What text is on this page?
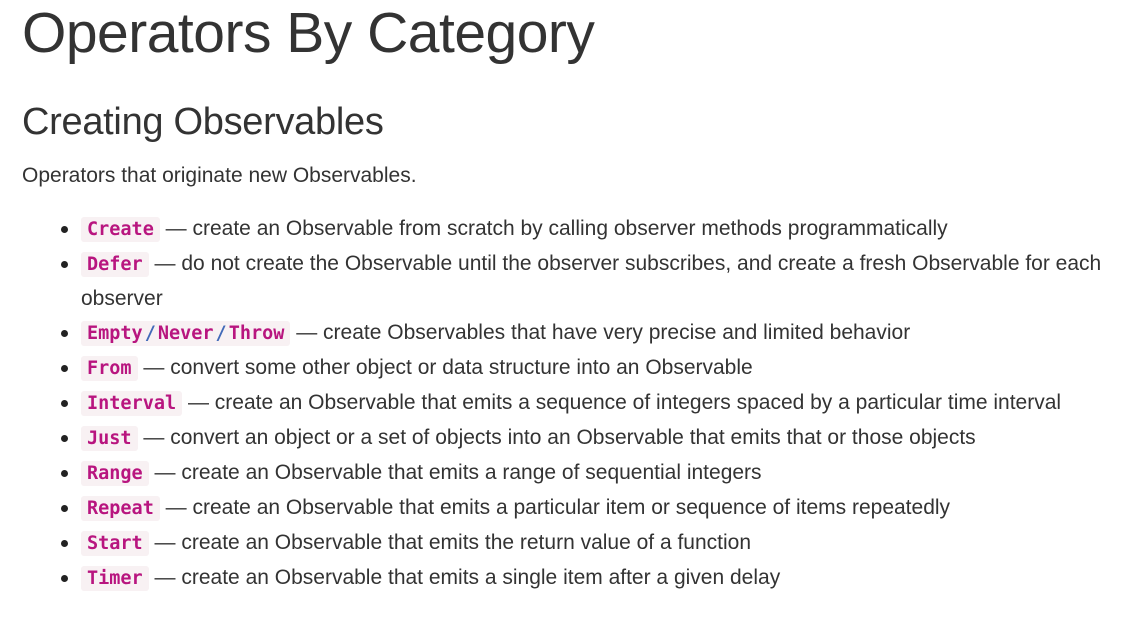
Operators By Category
Creating Observables

Operators that originate new Observables.

Create — create an Observable from scratch by calling observer methods programmatically
Defer — do not create the Observable until the observer subscribes, and create a fresh Observable for each observer
Empty / Never / Throw — create Observables that have very precise and limited behavior
From — convert some other object or data structure into an Observable
Interval — create an Observable that emits a sequence of integers spaced by a particular time interval
Just — convert an object or a set of objects into an Observable that emits that or those objects
Range — create an Observable that emits a range of sequential integers
Repeat — create an Observable that emits a particular item or sequence of items repeatedly
Start — create an Observable that emits the return value of a function
Timer — create an Observable that emits a single item after a given delay
